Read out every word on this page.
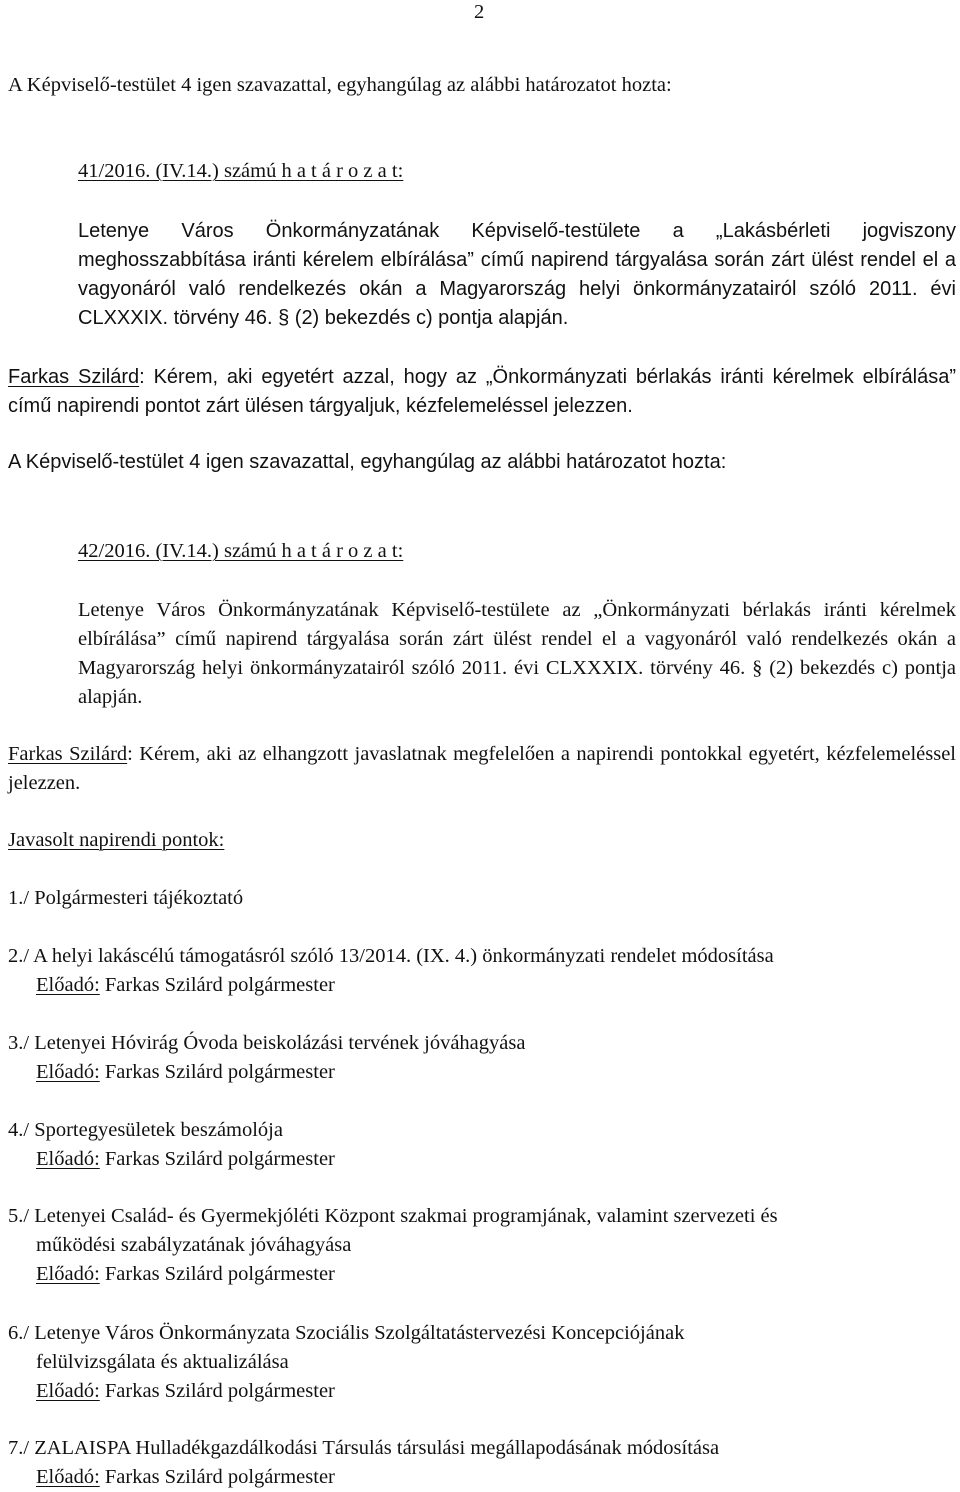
2

A Képviselő-testület 4 igen szavazattal, egyhangúlag az alábbi határozatot hozta:

41/2016. (IV.14.) számú h a t á r o z a t:

Letenye Város Önkormányzatának Képviselő-testülete a „Lakásbérleti jogviszony meghosszabbítása iránti kérelem elbírálása” című napirend tárgyalása során zárt ülést rendel el a vagyonáról való rendelkezés okán a Magyarország helyi önkormányzatairól szóló 2011. évi CLXXXIX. törvény 46. § (2) bekezdés c) pontja alapján.

Farkas Szilárd: Kérem, aki egyetért azzal, hogy az „Önkormányzati bérlakás iránti kérelmek elbírálása” című napirendi pontot zárt ülésen tárgyaljuk, kézfelemeléssel jelezzen.

A Képviselő-testület 4 igen szavazattal, egyhangúlag az alábbi határozatot hozta:

42/2016. (IV.14.) számú h a t á r o z a t:

Letenye Város Önkormányzatának Képviselő-testülete az „Önkormányzati bérlakás iránti kérelmek elbírálása” című napirend tárgyalása során zárt ülést rendel el a vagyonáról való rendelkezés okán a Magyarország helyi önkormányzatairól szóló 2011. évi CLXXXIX. törvény 46. § (2) bekezdés c) pontja alapján.

Farkas Szilárd: Kérem, aki az elhangzott javaslatnak megfelelően a napirendi pontokkal egyetért, kézfelemeléssel jelezzen.

Javasolt napirendi pontok:

1./ Polgármesteri tájékoztató
2./ A helyi lakáscélú támogatásról szóló 13/2014. (IX. 4.) önkormányzati rendelet módosítása
Előadó: Farkas Szilárd polgármester
3./ Letenyei Hóvirág Óvoda beiskolázási tervének jóváhagyása
Előadó: Farkas Szilárd polgármester
4./ Sportegyesületek beszámolója
Előadó: Farkas Szilárd polgármester
5./ Letenyei Család- és Gyermekjóléti Központ szakmai programjának, valamint szervezeti és
működési szabályzatának jóváhagyása
Előadó: Farkas Szilárd polgármester
6./ Letenye Város Önkormányzata Szociális Szolgáltatástervezési Koncepciójának
felülvizsgálata és aktualizálása
Előadó: Farkas Szilárd polgármester
7./ ZALAISPA Hulladékgazdálkodási Társulás társulási megállapodásának módosítása
Előadó: Farkas Szilárd polgármester
